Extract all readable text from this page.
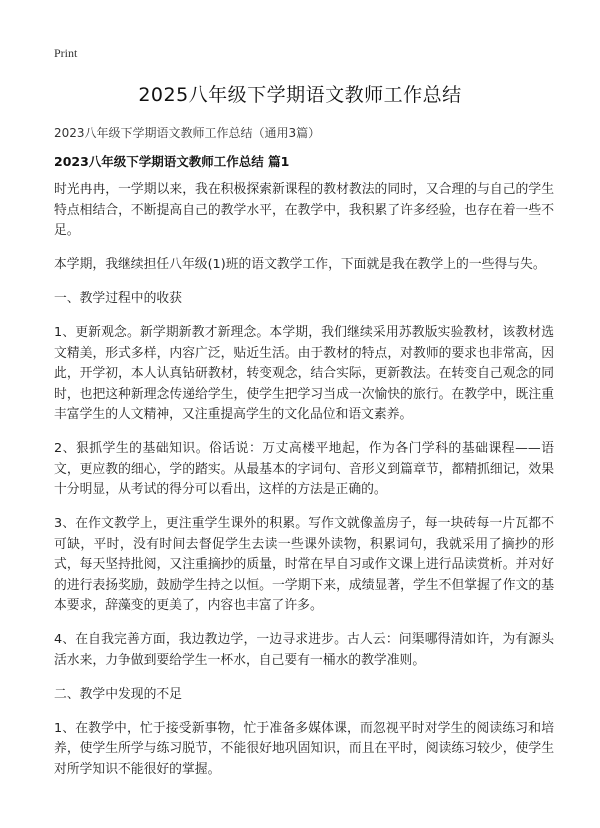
Print
2025八年级下学期语文教师工作总结
2023八年级下学期语文教师工作总结（通用3篇）
2023八年级下学期语文教师工作总结 篇1

时光冉冉，一学期以来，我在积极探索新课程的教材教法的同时，又合理的与自己的学生特点相结合，不断提高自己的教学水平，在教学中，我积累了许多经验，也存在着一些不足。

本学期，我继续担任八年级(1)班的语文教学工作，下面就是我在教学上的一些得与失。

一、教学过程中的收获

1、更新观念。新学期新教才新理念。本学期，我们继续采用苏教版实验教材，该教材选文精美，形式多样，内容广泛，贴近生活。由于教材的特点，对教师的要求也非常高，因此，开学初，本人认真钻研教材，转变观念，结合实际，更新教法。在转变自己观念的同时，也把这种新理念传递给学生，使学生把学习当成一次愉快的旅行。在教学中，既注重丰富学生的人文精神，又注重提高学生的文化品位和语文素养。

2、狠抓学生的基础知识。俗话说：万丈高楼平地起，作为各门学科的基础课程——语文，更应教的细心，学的踏实。从最基本的字词句、音形义到篇章节，都精抓细记，效果十分明显，从考试的得分可以看出，这样的方法是正确的。

3、在作文教学上，更注重学生课外的积累。写作文就像盖房子，每一块砖每一片瓦都不可缺，平时，没有时间去督促学生去读一些课外读物，积累词句，我就采用了摘抄的形式，每天坚持批阅，又注重摘抄的质量，时常在早自习或作文课上进行品读赏析。并对好的进行表扬奖励，鼓励学生持之以恒。一学期下来，成绩显著，学生不但掌握了作文的基本要求，辞藻变的更美了，内容也丰富了许多。

4、在自我完善方面，我边教边学，一边寻求进步。古人云：问渠哪得清如许，为有源头活水来，力争做到要给学生一杯水，自己要有一桶水的教学准则。

二、教学中发现的不足

1、在教学中，忙于接受新事物，忙于准备多媒体课，而忽视平时对学生的阅读练习和培养，使学生所学与练习脱节，不能很好地巩固知识，而且在平时，阅读练习较少，使学生对所学知识不能很好的掌握。
